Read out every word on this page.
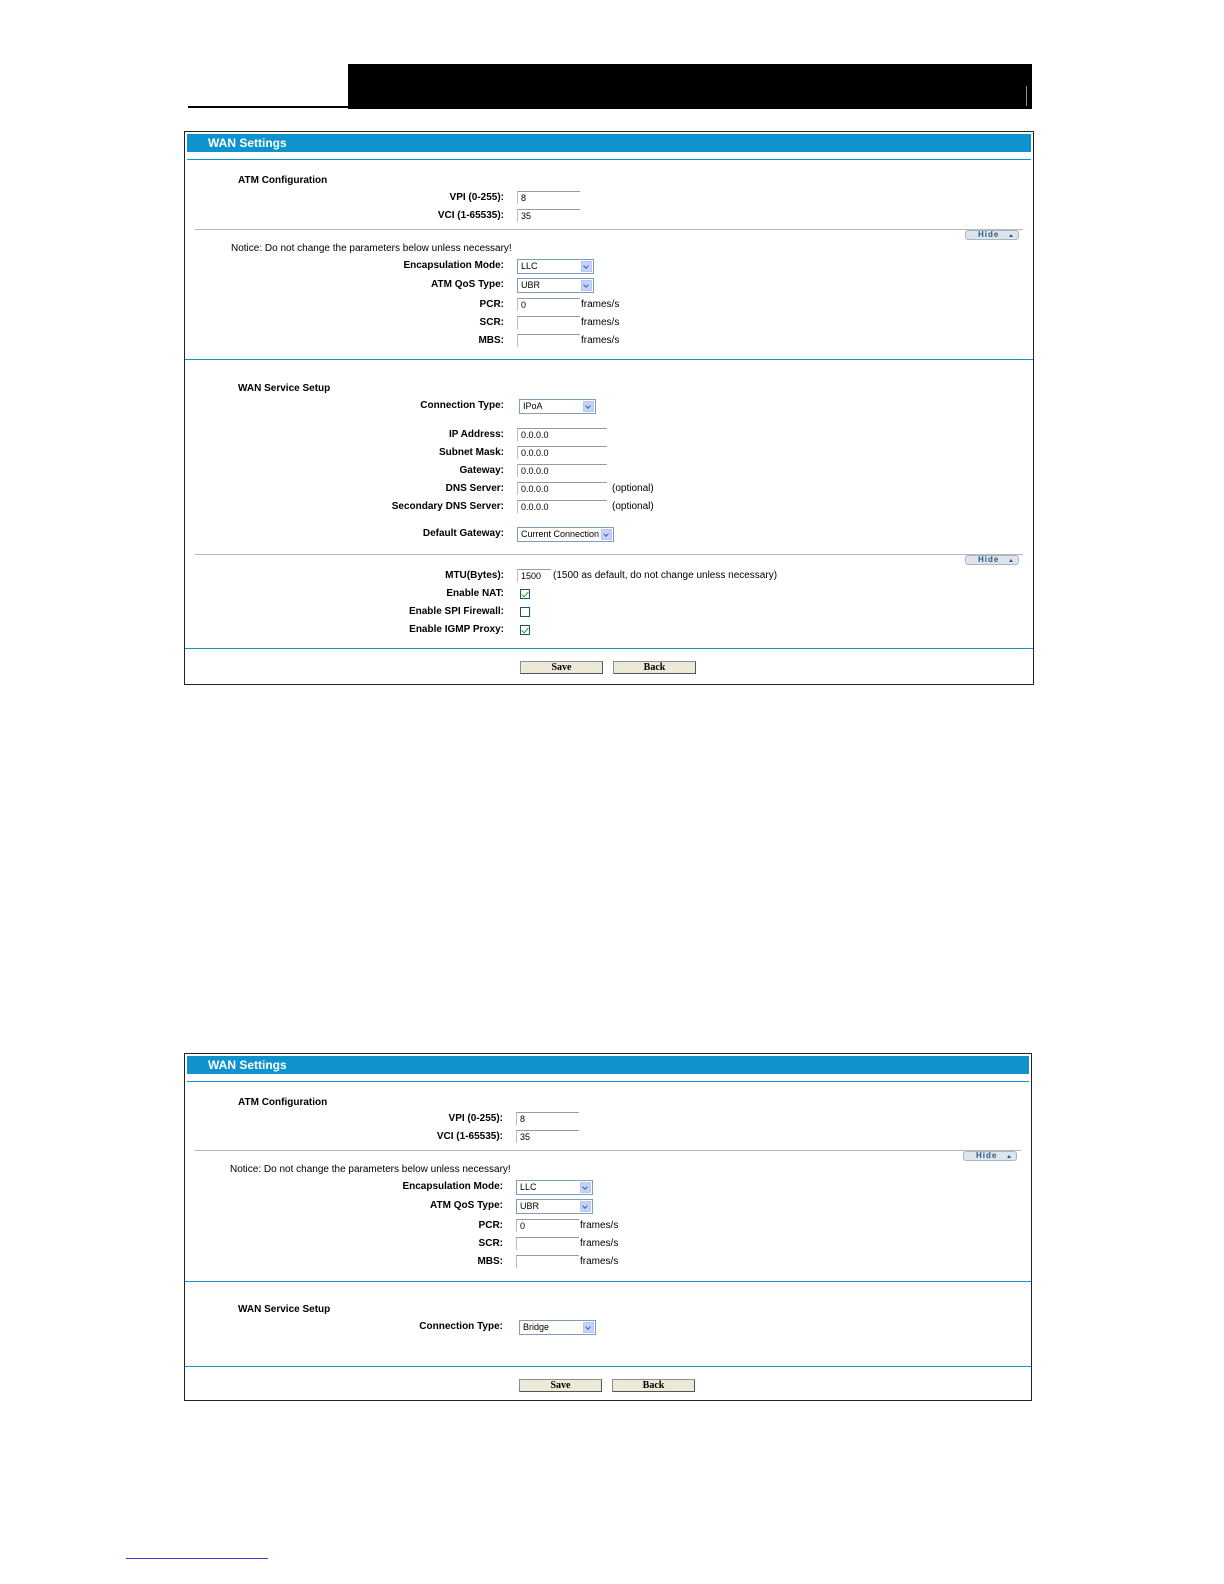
WAN Settings
ATM Configuration
VPI (0-255):	8
VCI (1-65535):	35
Hide
Notice: Do not change the parameters below unless necessary!
Encapsulation Mode:	LLC
ATM QoS Type:	UBR
PCR:	0	frames/s
SCR:	frames/s
MBS:	frames/s
WAN Service Setup
Connection Type:	IPoA
IP Address:	0.0.0.0
Subnet Mask:	0.0.0.0
Gateway:	0.0.0.0
DNS Server:	0.0.0.0	(optional)
Secondary DNS Server:	0.0.0.0	(optional)
Default Gateway:	Current Connection
Hide
MTU(Bytes):	1500	(1500 as default, do not change unless necessary)
Enable NAT:
Enable SPI Firewall:
Enable IGMP Proxy:
Save	Back
WAN Settings
ATM Configuration
VPI (0-255):	8
VCI (1-65535):	35
Hide
Notice: Do not change the parameters below unless necessary!
Encapsulation Mode:	LLC
ATM QoS Type:	UBR
PCR:	0	frames/s
SCR:	frames/s
MBS:	frames/s
WAN Service Setup
Connection Type:	Bridge
Save	Back
